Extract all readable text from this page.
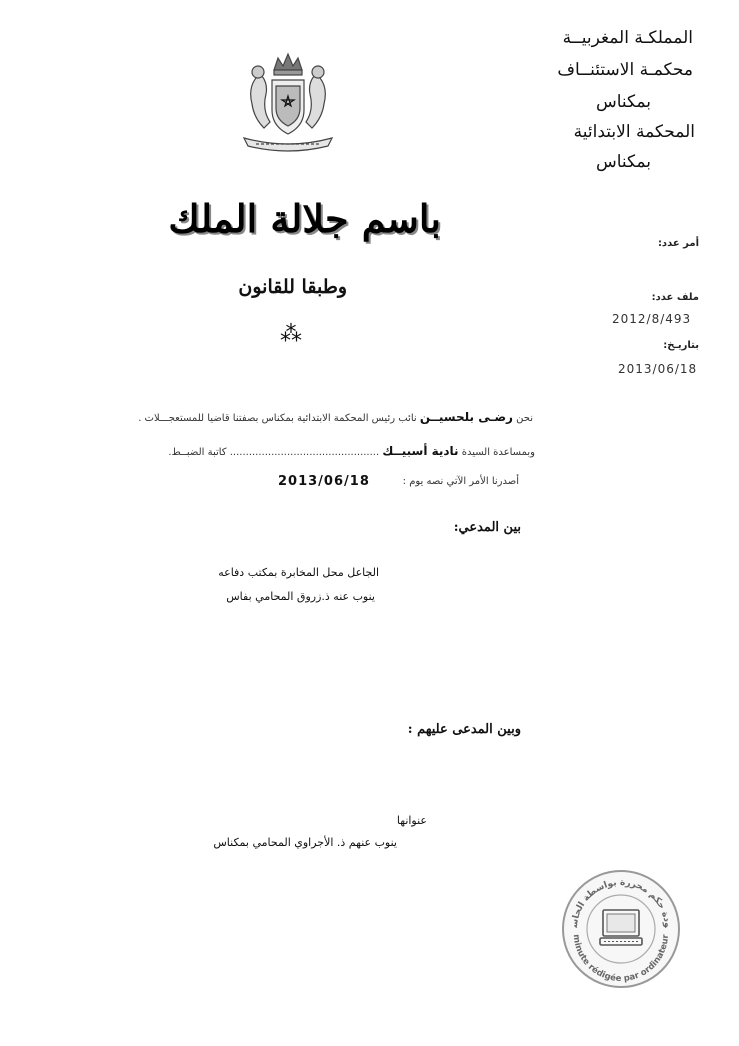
المملكـة المغربيــة
محكمـة الاستئنــاف
بمكناس
المحكمة الابتدائية
بمكناس
باسم جلالة الملك
وطبقا للقانون
⁂
أمر عدد:
ملف عدد:
2012/8/493
بتاريـخ:
2013/06/18
نحن رضـى بلحسيــن نائب رئيس المحكمة الابتدائية بمكناس بصفتنا قاضيا للمستعجـــلات .
وبمساعدة السيدة نادية أسبيــك ............................................... كاتبة الضبــط.
أصدرنا الأمر الآتي نصه يوم :
2013/06/18
بين المدعي:
الجاعل محل المخابرة بمكتب دفاعه
ينوب عنه ذ.زروق المحامي بفاس
وبين المدعى عليهم :
عنوانها
ينوب عنهم ذ. الأجراوي المحامي بمكناس
ودة حكم محررة بواسطة الحاس
minute rédigée par ordinateur
